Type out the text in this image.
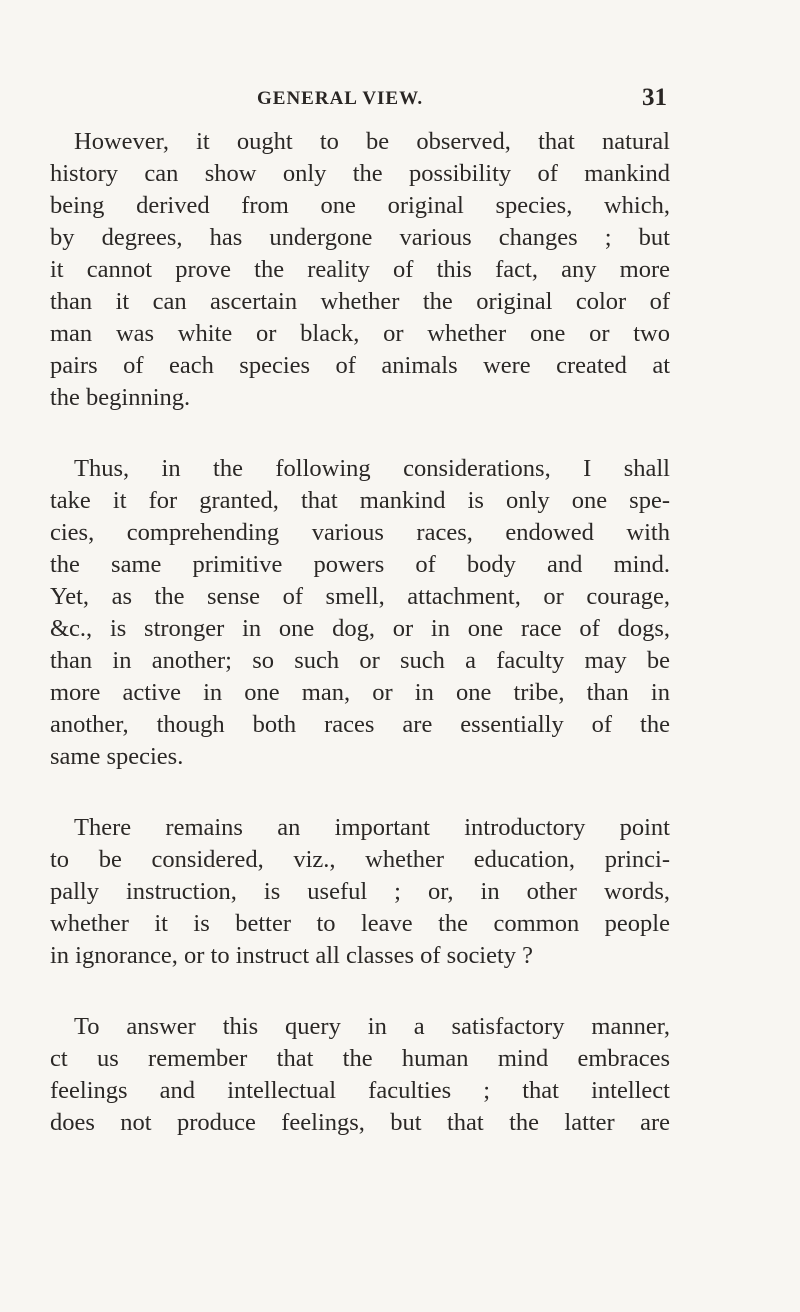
GENERAL VIEW.	31
However, it ought to be observed, that natural
history can show only the possibility of mankind
being derived from one original species, which,
by degrees, has undergone various changes ; but
it cannot prove the reality of this fact, any more
than it can ascertain whether the original color of
man was white or black, or whether one or two
pairs of each species of animals were created at
the beginning.
Thus, in the following considerations, I shall
take it for granted, that mankind is only one spe-
cies, comprehending various races, endowed with
the same primitive powers of body and mind.
Yet, as the sense of smell, attachment, or courage,
&c., is stronger in one dog, or in one race of dogs,
than in another; so such or such a faculty may be
more active in one man, or in one tribe, than in
another, though both races are essentially of the
same species.
There remains an important introductory point
to be considered, viz., whether education, princi-
pally instruction, is useful ; or, in other words,
whether it is better to leave the common people
in ignorance, or to instruct all classes of society ?
To answer this query in a satisfactory manner,
ct us remember that the human mind embraces
feelings and intellectual faculties ; that intellect
does not produce feelings, but that the latter are
